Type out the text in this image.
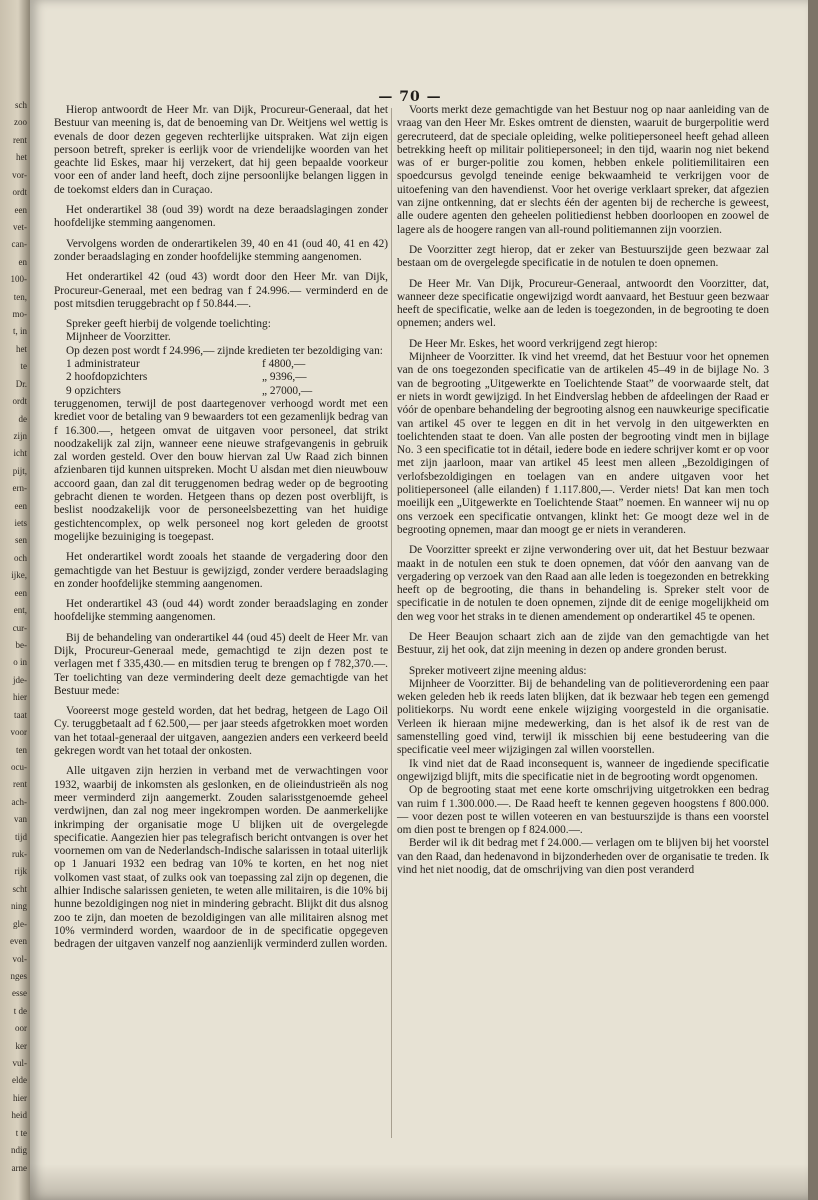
sch
zoo
rent
het
vor-
ordt
een
vet-
can-
en
100-
ten,
mo-
t, in
het
te
Dr.
ordt
de
zijn
icht
pijt,
ern-
een
iets
sen
och
ijke,
een
ent,
cur-
be-
o in
jde-
hier
taat
voor
ten
ocu-
rent
ach-
van
tijd
ruk-
rijk
scht
ning
gle-
even
vol-
nges
esse
t de
oor
ker
vul-
elde
hier
heid
t te
ndig
arne
— 70 —

Hierop antwoordt de Heer Mr. van Dijk, Procureur-Generaal, dat het Bestuur van meening is, dat de benoeming van Dr. Weitjens wel wettig is evenals de door dezen gegeven rechterlijke uitspraken. Wat zijn eigen persoon betreft, spreker is eerlijk voor de vriendelijke woorden van het geachte lid Eskes, maar hij verzekert, dat hij geen bepaalde voorkeur voor een of ander land heeft, doch zijne persoonlijke belangen liggen in de toekomst elders dan in Curaçao.

Het onderartikel 38 (oud 39) wordt na deze beraadslagingen zonder hoofdelijke stemming aangenomen.

Vervolgens worden de onderartikelen 39, 40 en 41 (oud 40, 41 en 42) zonder beraadslaging en zonder hoofdelijke stemming aangenomen.

Het onderartikel 42 (oud 43) wordt door den Heer Mr. van Dijk, Procureur-Generaal, met een bedrag van f 24.996.— verminderd en de post mitsdien teruggebracht op f 50.844.—.

Spreker geeft hierbij de volgende toelichting:

Mijnheer de Voorzitter.

Op dezen post wordt f 24.996,— zijnde kredieten ter bezoldiging van:

1 administrateur	f 4800,—
2 hoofdopzichters	„ 9396,—
9 opzichters	„ 27000,—

teruggenomen, terwijl de post daartegenover verhoogd wordt met een krediet voor de betaling van 9 bewaarders tot een gezamenlijk bedrag van f 16.300.—, hetgeen omvat de uitgaven voor personeel, dat strikt noodzakelijk zal zijn, wanneer eene nieuwe strafgevangenis in gebruik zal worden gesteld. Over den bouw hiervan zal Uw Raad zich binnen afzienbaren tijd kunnen uitspreken. Mocht U alsdan met dien nieuwbouw accoord gaan, dan zal dit teruggenomen bedrag weder op de begrooting gebracht dienen te worden. Hetgeen thans op dezen post overblijft, is beslist noodzakelijk voor de personeelsbezetting van het huidige gestichtencomplex, op welk personeel nog kort geleden de grootst mogelijke bezuiniging is toegepast.

Het onderartikel wordt zooals het staande de vergadering door den gemachtigde van het Bestuur is gewijzigd, zonder verdere beraadslaging en zonder hoofdelijke stemming aangenomen.

Het onderartikel 43 (oud 44) wordt zonder beraadslaging en zonder hoofdelijke stemming aangenomen.

Bij de behandeling van onderartikel 44 (oud 45) deelt de Heer Mr. van Dijk, Procureur-Generaal mede, gemachtigd te zijn dezen post te verlagen met f 335,430.— en mitsdien terug te brengen op f 782,370.—. Ter toelichting van deze vermindering deelt deze gemachtigde van het Bestuur mede:

Vooreerst moge gesteld worden, dat het bedrag, hetgeen de Lago Oil Cy. teruggbetaalt ad f 62.500,— per jaar steeds afgetrokken moet worden van het totaal-generaal der uitgaven, aangezien anders een verkeerd beeld gekregen wordt van het totaal der onkosten.

Alle uitgaven zijn herzien in verband met de verwachtingen voor 1932, waarbij de inkomsten als geslonken, en de olieindustrieën als nog meer verminderd zijn aangemerkt. Zouden salarisstgenoemde geheel verdwijnen, dan zal nog meer ingekrompen worden. De aanmerkelijke inkrimping der organisatie moge U blijken uit de overgelegde specificatie. Aangezien hier pas telegrafisch bericht ontvangen is over het voornemen om van de Nederlandsch-Indische salarissen in totaal uiterlijk op 1 Januari 1932 een bedrag van 10% te korten, en het nog niet volkomen vast staat, of zulks ook van toepassing zal zijn op degenen, die alhier Indische salarissen genieten, te weten alle militairen, is die 10% bij hunne bezoldigingen nog niet in mindering gebracht. Blijkt dit dus alsnog zoo te zijn, dan moeten de bezoldigingen van alle militairen alsnog met 10% verminderd worden, waardoor de in de specificatie opgegeven bedragen der uitgaven vanzelf nog aanzienlijk verminderd zullen worden.

Voorts merkt deze gemachtigde van het Bestuur nog op naar aanleiding van de vraag van den Heer Mr. Eskes omtrent de diensten, waaruit de burgerpolitie werd gerecruteerd, dat de speciale opleiding, welke politiepersoneel heeft gehad alleen betrekking heeft op militair politiepersoneel; in den tijd, waarin nog niet bekend was of er burger-politie zou komen, hebben enkele politiemilitairen een spoedcursus gevolgd teneinde eenige bekwaamheid te verkrijgen voor de uitoefening van den havendienst. Voor het overige verklaart spreker, dat afgezien van zijne ontkenning, dat er slechts één der agenten bij de recherche is geweest, alle oudere agenten den geheelen politiedienst hebben doorloopen en zoowel de lagere als de hoogere rangen van all-round politiemannen zijn voorzien.

De Voorzitter zegt hierop, dat er zeker van Bestuurszijde geen bezwaar zal bestaan om de overgelegde specificatie in de notulen te doen opnemen.

De Heer Mr. Van Dijk, Procureur-Generaal, antwoordt den Voorzitter, dat, wanneer deze specificatie ongewijzigd wordt aanvaard, het Bestuur geen bezwaar heeft de specificatie, welke aan de leden is toegezonden, in de begrooting te doen opnemen; anders wel.

De Heer Mr. Eskes, het woord verkrijgend zegt hierop:

Mijnheer de Voorzitter. Ik vind het vreemd, dat het Bestuur voor het opnemen van de ons toegezonden specificatie van de artikelen 45–49 in de bijlage No. 3 van de begrooting „Uitgewerkte en Toelichtende Staat” de voorwaarde stelt, dat er niets in wordt gewijzigd. In het Eindverslag hebben de afdeelingen der Raad er vóór de openbare behandeling der begrooting alsnog een nauwkeurige specificatie van artikel 45 over te leggen en dit in het vervolg in den uitgewerkten en toelichtenden staat te doen. Van alle posten der begrooting vindt men in bijlage No. 3 een specificatie tot in détail, iedere bode en iedere schrijver komt er op voor met zijn jaarloon, maar van artikel 45 leest men alleen „Bezoldigingen of verlofsbezoldigingen en toelagen van en andere uitgaven voor het politiepersoneel (alle eilanden) f 1.117.800,—. Verder niets! Dat kan men toch moeilijk een „Uitgewerkte en Toelichtende Staat” noemen. En wanneer wij nu op ons verzoek een specificatie ontvangen, klinkt het: Ge moogt deze wel in de begrooting opnemen, maar dan moogt ge er niets in veranderen.

De Voorzitter spreekt er zijne verwondering over uit, dat het Bestuur bezwaar maakt in de notulen een stuk te doen opnemen, dat vóór den aanvang van de vergadering op verzoek van den Raad aan alle leden is toegezonden en betrekking heeft op de begrooting, die thans in behandeling is. Spreker stelt voor de specificatie in de notulen te doen opnemen, zijnde dit de eenige mogelijkheid om den weg voor het straks in te dienen amendement op onderartikel 45 te openen.

De Heer Beaujon schaart zich aan de zijde van den gemachtigde van het Bestuur, zij het ook, dat zijn meening in dezen op andere gronden berust.

Spreker motiveert zijne meening aldus:

Mijnheer de Voorzitter. Bij de behandeling van de politieverordening een paar weken geleden heb ik reeds laten blijken, dat ik bezwaar heb tegen een gemengd politiekorps. Nu wordt eene enkele wijziging voorgesteld in die organisatie. Verleen ik hieraan mijne medewerking, dan is het alsof ik de rest van de samenstelling goed vind, terwijl ik misschien bij eene bestudeering van die specificatie veel meer wijzigingen zal willen voorstellen.

Ik vind niet dat de Raad inconsequent is, wanneer de ingediende specificatie ongewijzigd blijft, mits die specificatie niet in de begrooting wordt opgenomen.

Op de begrooting staat met eene korte omschrijving uitgetrokken een bedrag van ruim f 1.300.000.—. De Raad heeft te kennen gegeven hoogstens f 800.000.— voor dezen post te willen voteeren en van bestuurszijde is thans een voorstel om dien post te brengen op f 824.000.—.

Berder wil ik dit bedrag met f 24.000.— verlagen om te blijven bij het voorstel van den Raad, dan hedenavond in bijzonderheden over de organisatie te treden. Ik vind het niet noodig, dat de omschrijving van dien post veranderd
